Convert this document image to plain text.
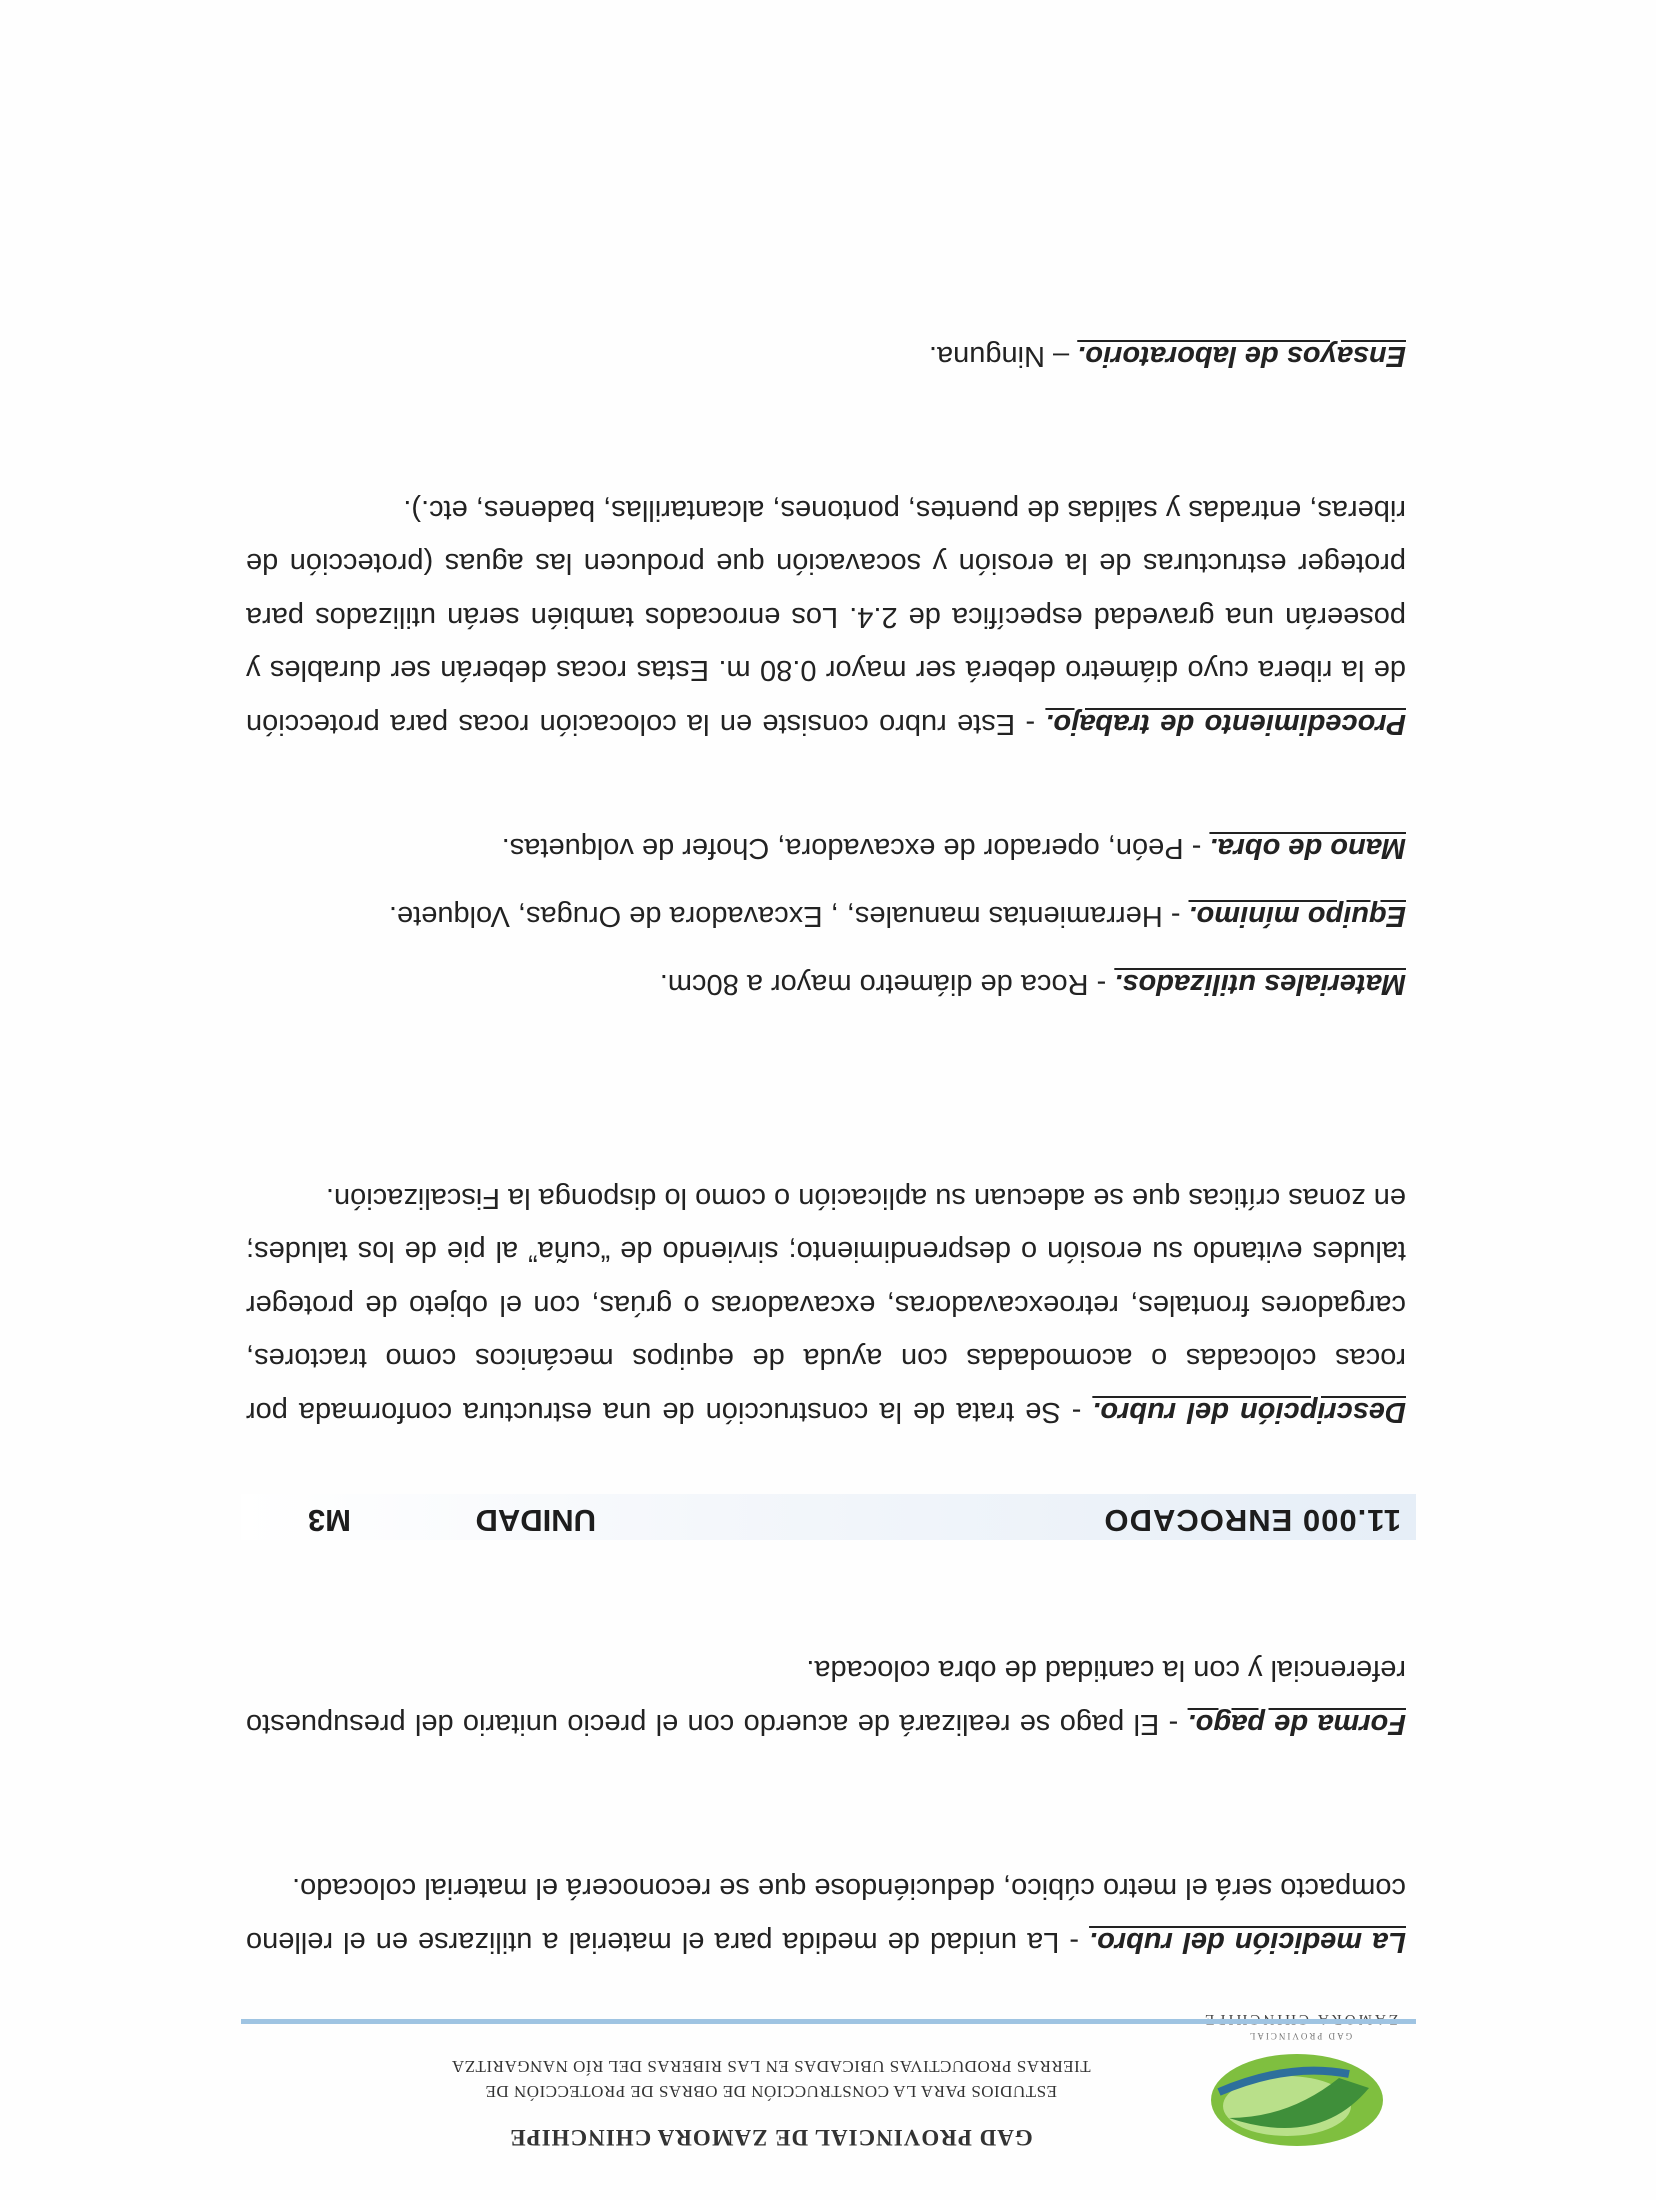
GAD PROVINCIAL
GAD PROVINCIAL DE ZAMORA CHINCHIPE
ESTUDIOS PARA LA CONSTRUCCIÓN DE OBRAS DE PROTECCIÓN DE
TIERRAS PRODUCTIVAS UBICADAS EN LAS RIBERAS DEL RÍO NANGARITZA
La medición del rubro. - La unidad de medida para el material a utilizarse en el relleno compacto será el metro cúbico, deduciéndose que se reconocerá el material colocado.
Forma de pago. - El pago se realizará de acuerdo con el precio unitario del presupuesto referencial y con la cantidad de obra colocada.
11.000 ENROCADO
UNIDAD
M3
Descripción del rubro. - Se trata de la construcción de una estructura conformada por rocas colocadas o acomodadas con ayuda de equipos mecánicos como tractores, cargadores frontales, retroexcavadoras, excavadoras o grúas, con el objeto de proteger taludes evitando su erosión o desprendimiento; sirviendo de “cuña” al pie de los taludes; en zonas críticas que se adecuan su aplicación o como lo disponga la Fiscalización.
Materiales utilizados. - Roca de diámetro mayor a 80cm.
Equipo mínimo. - Herramientas manuales, , Excavadora de Orugas, Volquete.
Mano de obra. - Peón, operador de excavadora, Chofer de volquetas.
Procedimiento de trabajo. - Este rubro consiste en la colocación rocas para protección de la ribera cuyo diámetro deberá ser mayor 0.80 m. Estas rocas deberán ser durables y poseerán una gravedad específica de 2.4. Los enrocados también serán utilizados para proteger estructuras de la erosión y socavación que producen las aguas (protección de riberas, entradas y salidas de puentes, pontones, alcantarillas, badenes, etc.).
Ensayos de laboratorio. – Ninguna.
